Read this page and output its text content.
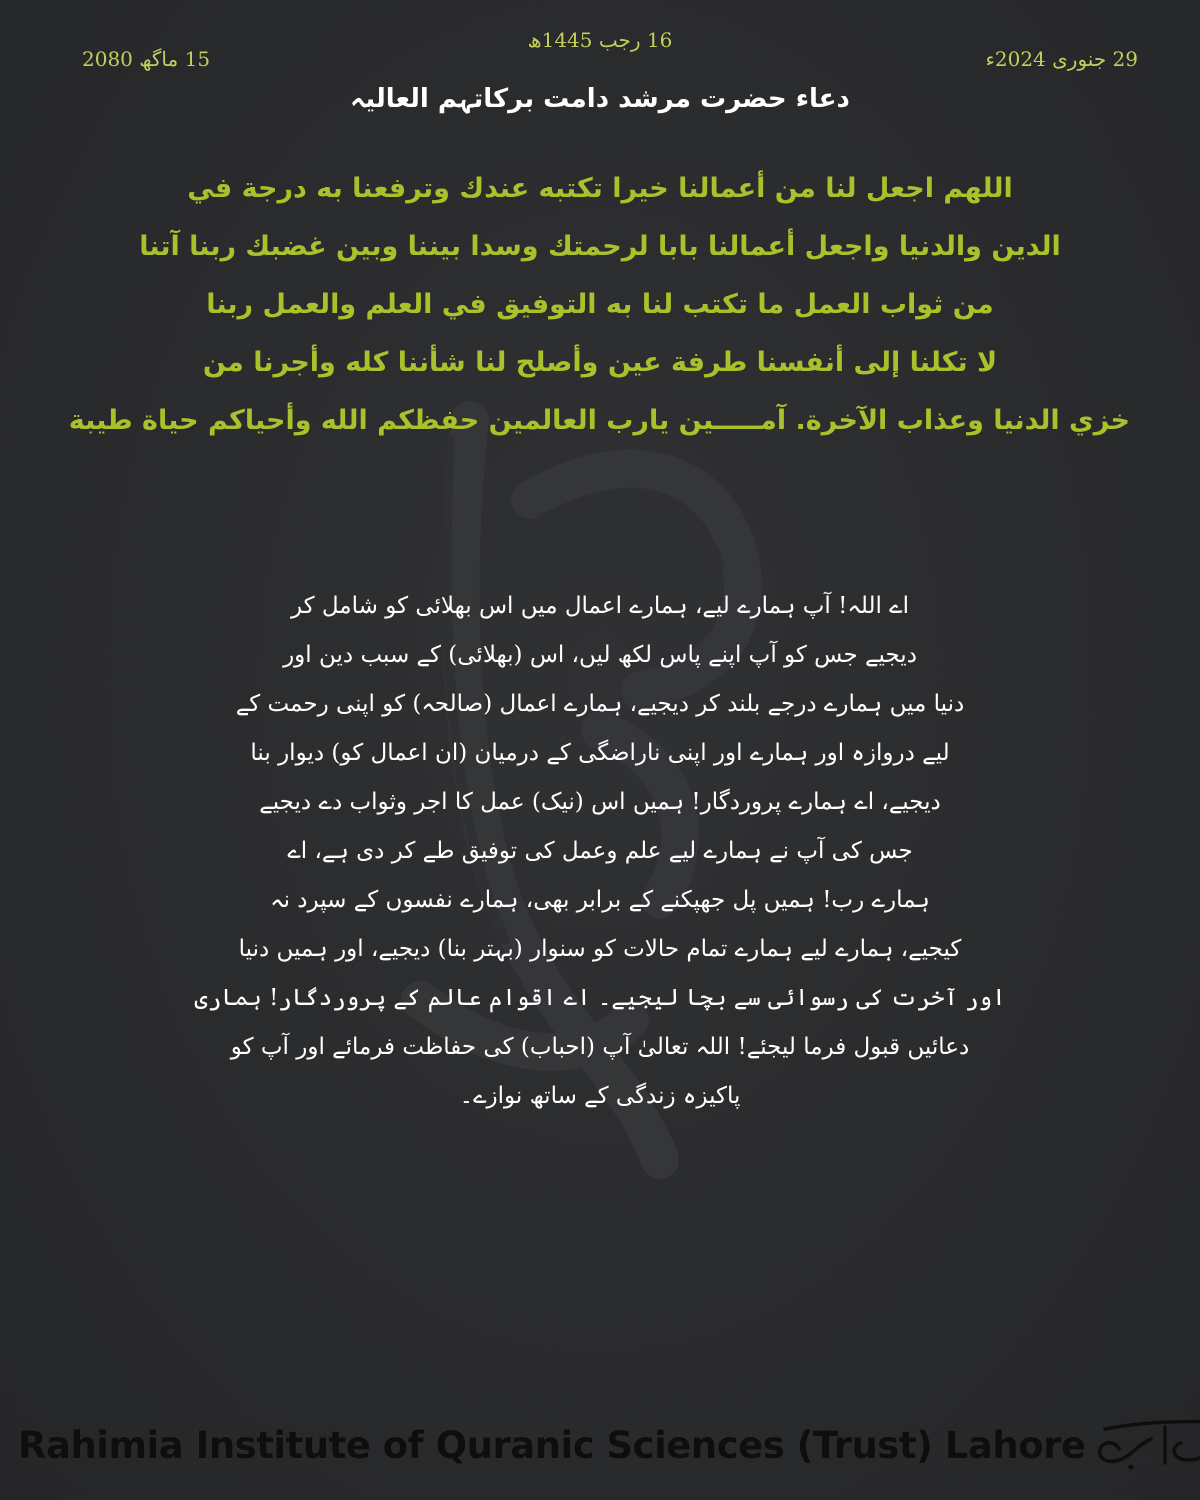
16 رجب 1445ھ
15 ماگھ 2080	29 جنوری 2024ء
دعاء حضرت مرشد دامت برکاتہم العالیہ
اللهم اجعل لنا من أعمالنا خيرا تكتبه عندك وترفعنا به درجة في
الدين والدنيا واجعل أعمالنا بابا لرحمتك وسدا بيننا وبين غضبك ربنا آتنا
من ثواب العمل ما تكتب لنا به التوفيق في العلم والعمل ربنا
لا تكلنا إلى أنفسنا طرفة عين وأصلح لنا شأننا كله وأجرنا من
خزي الدنيا وعذاب الآخرة. آمـــــين يارب العالمين حفظكم الله وأحياكم حياة طيبة
اے اللہ! آپ ہمارے لیے، ہمارے اعمال میں اس بھلائی کو شامل کر
دیجیے جس کو آپ اپنے پاس لکھ لیں، اس (بھلائی) کے سبب دین اور
دنیا میں ہمارے درجے بلند کر دیجیے، ہمارے اعمال (صالحہ) کو اپنی رحمت کے
لیے دروازہ اور ہمارے اور اپنی ناراضگی کے درمیان (ان اعمال کو) دیوار بنا
دیجیے، اے ہمارے پروردگار! ہمیں اس (نیک) عمل کا اجر وثواب دے دیجیے
جس کی آپ نے ہمارے لیے علم وعمل کی توفیق طے کر دی ہے، اے
ہمارے رب! ہمیں پل جھپکنے کے برابر بھی، ہمارے نفسوں کے سپرد نہ
کیجیے، ہمارے لیے ہمارے تمام حالات کو سنوار (بہتر بنا) دیجیے، اور ہمیں دنیا
اور آخرت کی رسوائی سے بچا لیجیے۔ اے اقوام عالم کے پروردگار! ہماری
دعائیں قبول فرما لیجئے! اللہ تعالیٰ آپ (احباب) کی حفاظت فرمائے اور آپ کو
پاکیزہ زندگی کے ساتھ نوازے۔
Rahimia Institute of Quranic Sciences (Trust) Lahore
